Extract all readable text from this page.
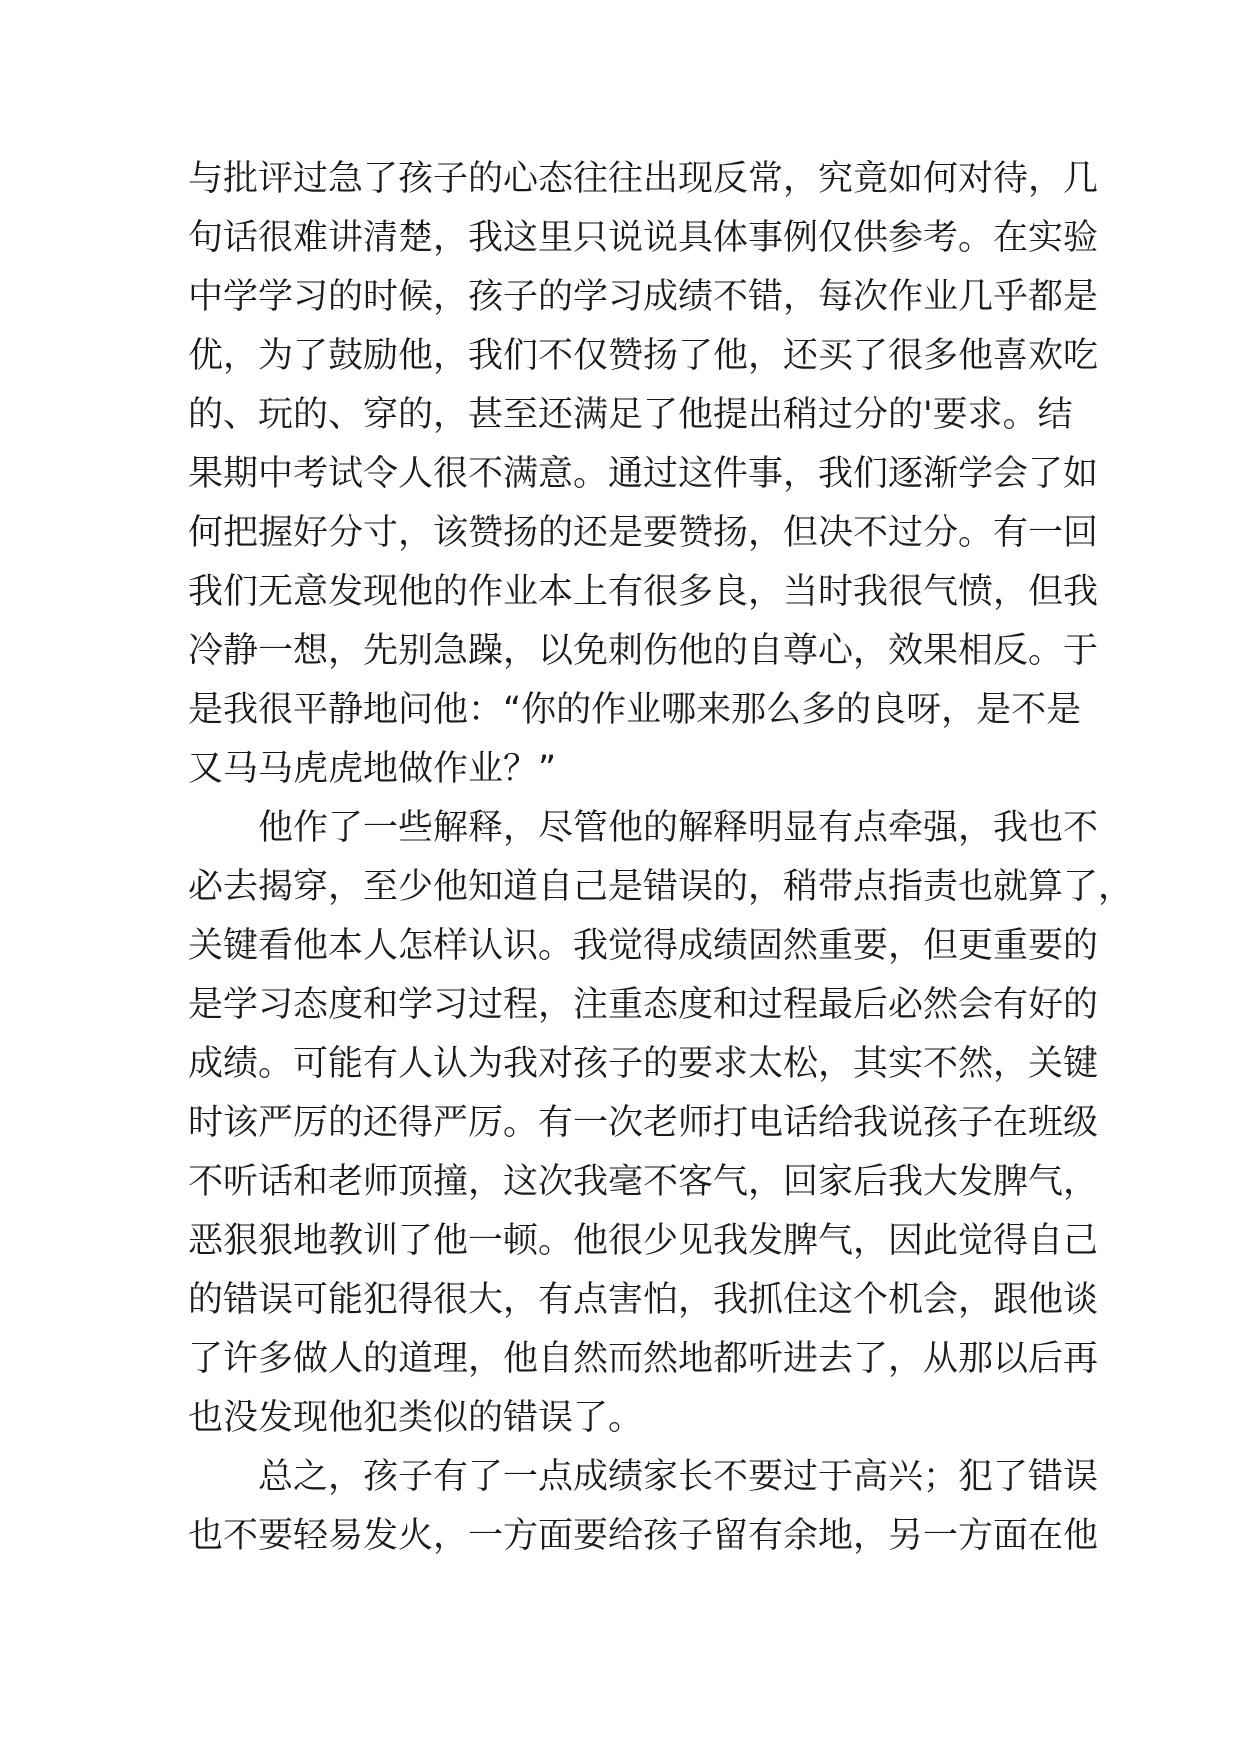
与批评过急了孩子的心态往往出现反常，究竟如何对待，几
句话很难讲清楚，我这里只说说具体事例仅供参考。在实验
中学学习的时候，孩子的学习成绩不错，每次作业几乎都是
优，为了鼓励他，我们不仅赞扬了他，还买了很多他喜欢吃
的、玩的、穿的，甚至还满足了他提出稍过分的'要求。结
果期中考试令人很不满意。通过这件事，我们逐渐学会了如
何把握好分寸，该赞扬的还是要赞扬，但决不过分。有一回
我们无意发现他的作业本上有很多良，当时我很气愤，但我
冷静一想，先别急躁，以免刺伤他的自尊心，效果相反。于
是我很平静地问他：“你的作业哪来那么多的良呀，是不是
又马马虎虎地做作业？”
他作了一些解释，尽管他的解释明显有点牵强，我也不
必去揭穿，至少他知道自己是错误的，稍带点指责也就算了，
关键看他本人怎样认识。我觉得成绩固然重要，但更重要的
是学习态度和学习过程，注重态度和过程最后必然会有好的
成绩。可能有人认为我对孩子的要求太松，其实不然，关键
时该严厉的还得严厉。有一次老师打电话给我说孩子在班级
不听话和老师顶撞，这次我毫不客气，回家后我大发脾气，
恶狠狠地教训了他一顿。他很少见我发脾气，因此觉得自己
的错误可能犯得很大，有点害怕，我抓住这个机会，跟他谈
了许多做人的道理，他自然而然地都听进去了，从那以后再
也没发现他犯类似的错误了。
总之，孩子有了一点成绩家长不要过于高兴；犯了错误
也不要轻易发火，一方面要给孩子留有余地，另一方面在他
